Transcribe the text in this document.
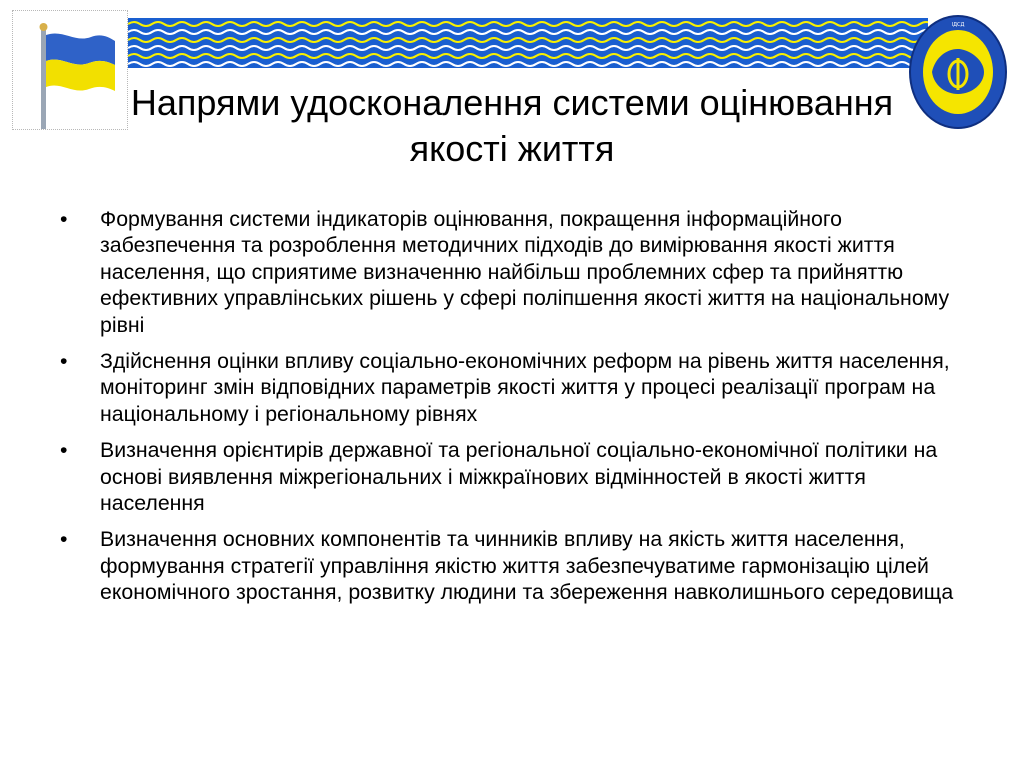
ІДСД
Напрями удосконалення системи оцінювання
якості життя
• Формування системи індикаторів оцінювання, покращення інформаційного забезпечення та розроблення методичних підходів до вимірювання якості життя населення, що сприятиме визначенню найбільш проблемних сфер та прийняттю ефективних управлінських рішень у сфері поліпшення якості життя на національному рівні
• Здійснення оцінки впливу соціально-економічних реформ на рівень життя населення, моніторинг змін відповідних параметрів якості життя у процесі реалізації програм на національному і регіональному рівнях
• Визначення орієнтирів державної та регіональної соціально-економічної політики на основі виявлення міжрегіональних і міжкраїнових відмінностей в якості життя населення
• Визначення основних компонентів та чинників впливу на якість життя населення, формування стратегії управління якістю життя забезпечуватиме гармонізацію цілей економічного зростання, розвитку людини та збереження навколишнього середовища
